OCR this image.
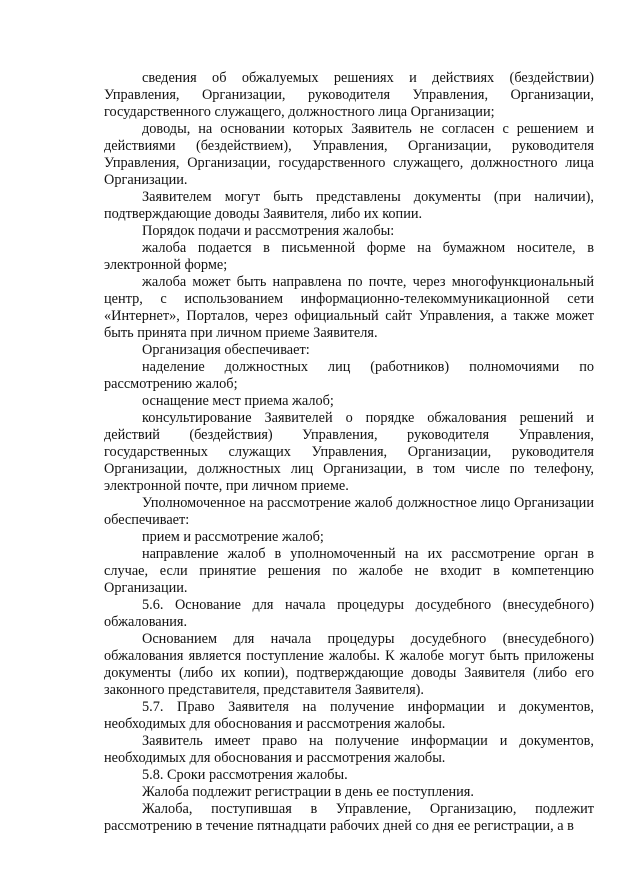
сведения об обжалуемых решениях и действиях (бездействии) Управления, Организации, руководителя Управления, Организации, государственного служащего, должностного лица Организации;

доводы, на основании которых Заявитель не согласен с решением и действиями (бездействием), Управления, Организации, руководителя Управления, Организации, государственного служащего, должностного лица Организации.

Заявителем могут быть представлены документы (при наличии), подтверждающие доводы Заявителя, либо их копии.

Порядок подачи и рассмотрения жалобы:

жалоба подается в письменной форме на бумажном носителе, в электронной форме;

жалоба может быть направлена по почте, через многофункциональный центр, с использованием информационно-телекоммуникационной сети «Интернет», Порталов, через официальный сайт Управления, а также может быть принята при личном приеме Заявителя.

Организация обеспечивает:

наделение должностных лиц (работников) полномочиями по рассмотрению жалоб;

оснащение мест приема жалоб;

консультирование Заявителей о порядке обжалования решений и действий (бездействия) Управления, руководителя Управления, государственных служащих Управления, Организации, руководителя Организации, должностных лиц Организации, в том числе по телефону, электронной почте, при личном приеме.

Уполномоченное на рассмотрение жалоб должностное лицо Организации обеспечивает:

прием и рассмотрение жалоб;

направление жалоб в уполномоченный на их рассмотрение орган в случае, если принятие решения по жалобе не входит в компетенцию Организации.

5.6. Основание для начала процедуры досудебного (внесудебного) обжалования.

Основанием для начала процедуры досудебного (внесудебного) обжалования является поступление жалобы. К жалобе могут быть приложены документы (либо их копии), подтверждающие доводы Заявителя (либо его законного представителя, представителя Заявителя).

5.7. Право Заявителя на получение информации и документов, необходимых для обоснования и рассмотрения жалобы.

Заявитель имеет право на получение информации и документов, необходимых для обоснования и рассмотрения жалобы.

5.8. Сроки рассмотрения жалобы.

Жалоба подлежит регистрации в день ее поступления.

Жалоба, поступившая в Управление, Организацию, подлежит рассмотрению в течение пятнадцати рабочих дней со дня ее регистрации, а в
